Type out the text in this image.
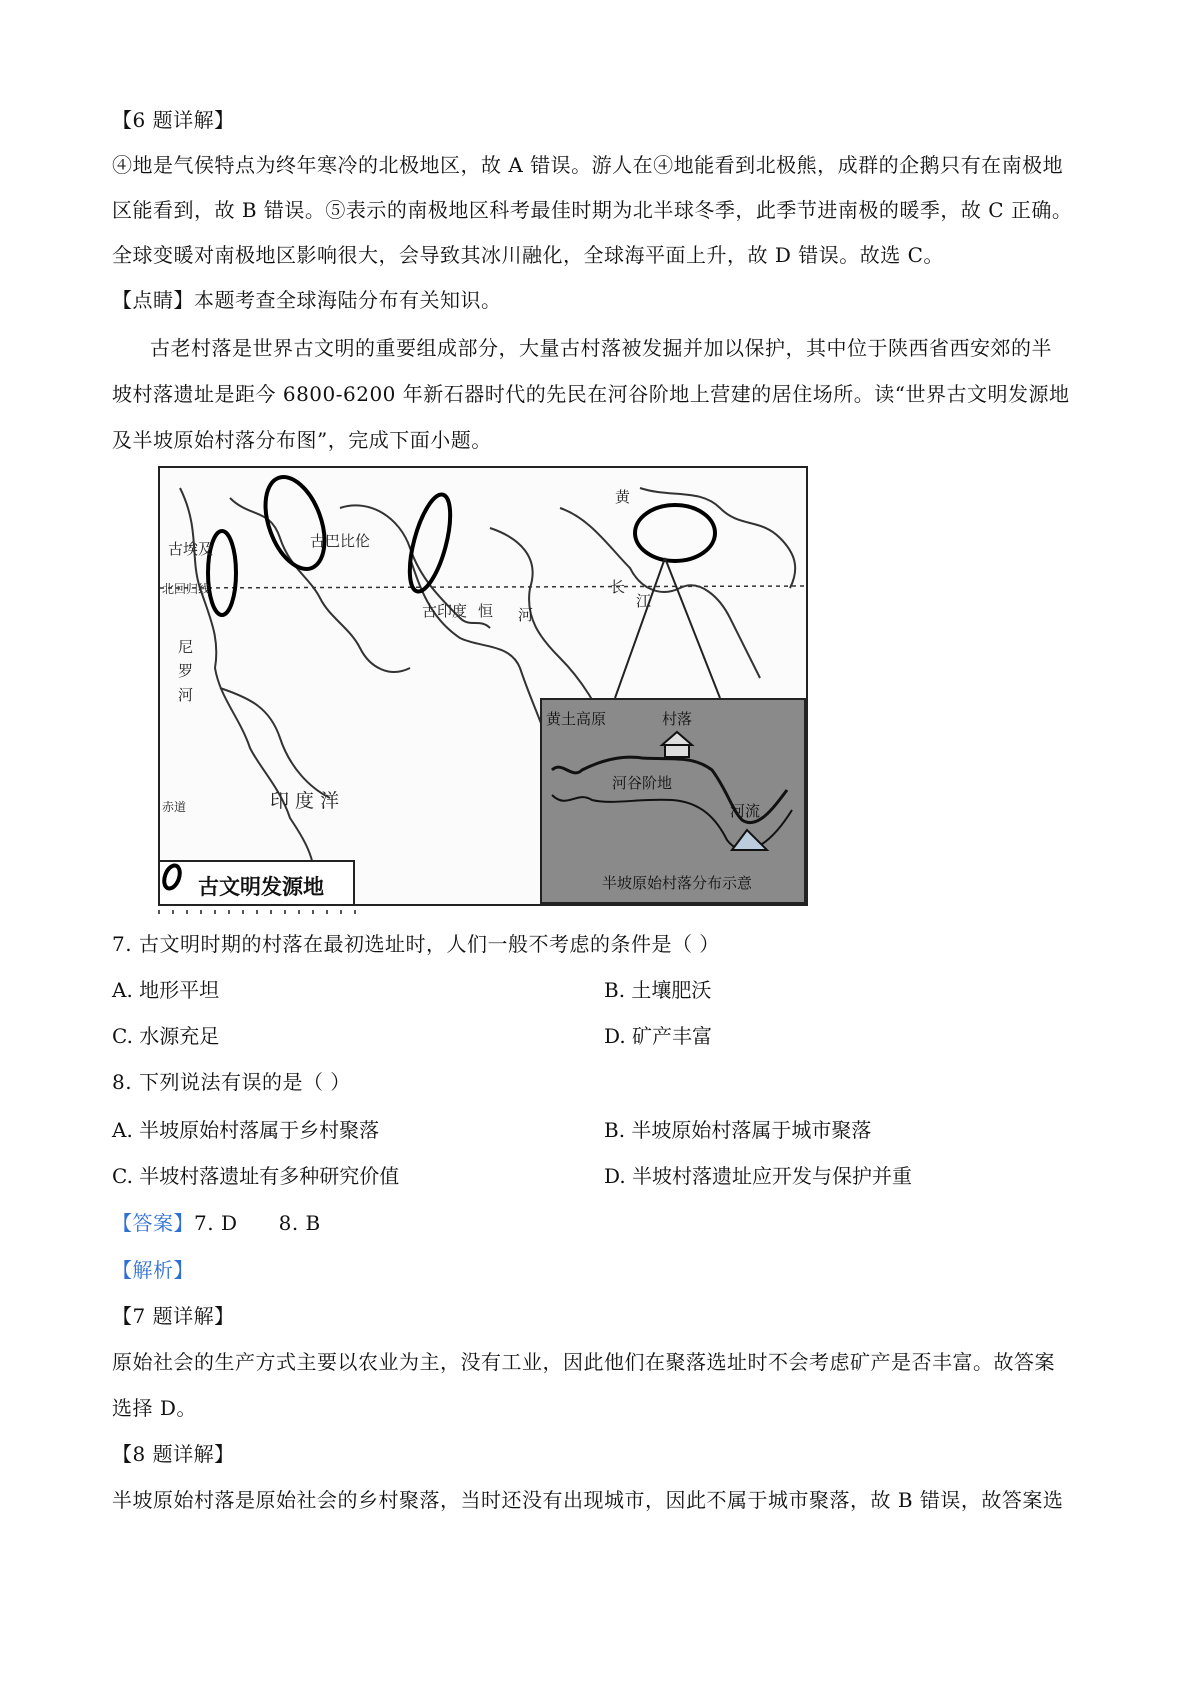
【6 题详解】
④地是气侯特点为终年寒冷的北极地区，故 A 错误。游人在④地能看到北极熊，成群的企鹅只有在南极地
区能看到，故 B 错误。⑤表示的南极地区科考最佳时期为北半球冬季，此季节进南极的暖季，故 C 正确。
全球变暖对南极地区影响很大，会导致其冰川融化，全球海平面上升，故 D 错误。故选 C。
【点睛】本题考查全球海陆分布有关知识。
古老村落是世界古文明的重要组成部分，大量古村落被发掘并加以保护，其中位于陕西省西安郊的半
坡村落遗址是距今 6800-6200 年新石器时代的先民在河谷阶地上营建的居住场所。读“世界古文明发源地
及半坡原始村落分布图”，完成下面小题。
古埃及	古巴比伦
古印度 恒 河
北回归线
尼
罗
河
赤道	印 度 洋
黄
长
江
黄土高原	村落
河谷阶地
河流
半坡原始村落分布示意
古文明发源地
7. 古文明时期的村落在最初选址时，人们一般不考虑的条件是（ ）
A. 地形平坦	B. 土壤肥沃
C. 水源充足	D. 矿产丰富
8. 下列说法有误的是（ ）
A. 半坡原始村落属于乡村聚落	B. 半坡原始村落属于城市聚落
C. 半坡村落遗址有多种研究价值	D. 半坡村落遗址应开发与保护并重
【答案】7. D      8. B
【解析】
【7 题详解】
原始社会的生产方式主要以农业为主，没有工业，因此他们在聚落选址时不会考虑矿产是否丰富。故答案
选择 D。
【8 题详解】
半坡原始村落是原始社会的乡村聚落，当时还没有出现城市，因此不属于城市聚落，故 B 错误，故答案选
